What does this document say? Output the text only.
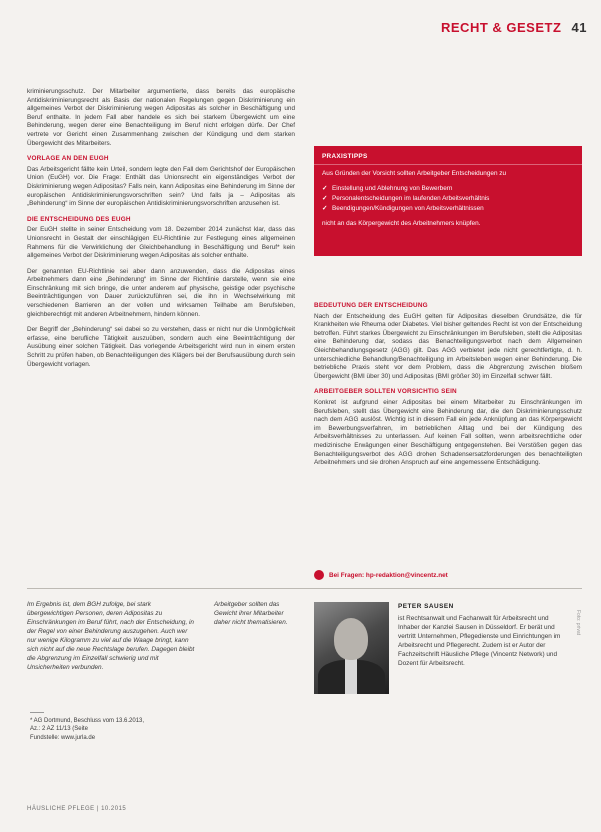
RECHT & GESETZ 41

kriminierungsschutz. Der Mitarbeiter argumentierte, dass bereits das europäische Antidiskriminierungsrecht als Basis der nationalen Regelungen gegen Diskriminierung ein allgemeines Verbot der Diskriminierung wegen Adipositas als solcher in Beschäftigung und Beruf enthalte. In jedem Fall aber handele es sich bei starkem Übergewicht um eine Behinderung, wegen derer eine Benachteiligung im Beruf nicht erfolgen dürfe. Der Chef vertrete vor Gericht einen Zusammenhang zwischen der Kündigung und dem starken Übergewicht des Mitarbeiters.

VORLAGE AN DEN EUGH

Das Arbeitsgericht fällte kein Urteil, sondern legte den Fall dem Gerichtshof der Europäischen Union (EuGH) vor. Die Frage: Enthält das Unionsrecht ein eigenständiges Verbot der Diskriminierung wegen Adipositas? Falls nein, kann Adipositas eine Behinderung im Sinne der europäischen Antidiskriminierungsvorschriften sein? Und falls ja – Adipositas als „Behinderung“ im Sinne der europäischen Antidiskriminierungsvorschriften anzusehen ist.

DIE ENTSCHEIDUNG DES EUGH

Der EuGH stellte in seiner Entscheidung vom 18. Dezember 2014 zunächst klar, dass das Unionsrecht in Gestalt der einschlägigen EU-Richtlinie zur Festlegung eines allgemeinen Rahmens für die Verwirklichung der Gleichbehandlung in Beschäftigung und Beruf* kein allgemeines Verbot der Diskriminierung wegen Adipositas als solcher enthalte.

Der genannten EU-Richtlinie sei aber dann anzuwenden, dass die Adipositas eines Arbeitnehmers dann eine „Behinderung“ im Sinne der Richtlinie darstelle, wenn sie eine Einschränkung mit sich bringe, die unter anderem auf physische, geistige oder psychische Beeinträchtigungen von Dauer zurückzuführen sei, die ihn in Wechselwirkung mit verschiedenen Barrieren an der vollen und wirksamen Teilhabe am Berufsleben, gleichberechtigt mit anderen Arbeitnehmern, hindern können.

Der Begriff der „Behinderung“ sei dabei so zu verstehen, dass er nicht nur die Unmöglichkeit erfasse, eine berufliche Tätigkeit auszuüben, sondern auch eine Beeinträchtigung der Ausübung einer solchen Tätigkeit. Das vorlegende Arbeitsgericht wird nun in einem ersten Schritt zu prüfen haben, ob Benachteiligungen des Klägers bei der Berufsausübung durch sein Übergewicht vorlagen.

PRAXISTIPPS
Aus Gründen der Vorsicht sollten Arbeitgeber Entscheidungen zu
✓ Einstellung und Ablehnung von Bewerbern
✓ Personalentscheidungen im laufenden Arbeitsverhältnis
✓ Beendigungen/Kündigungen von Arbeitsverhältnissen
nicht an das Körpergewicht des Arbeitnehmers knüpfen.
BEDEUTUNG DER ENTSCHEIDUNG

Nach der Entscheidung des EuGH gelten für Adipositas dieselben Grundsätze, die für Krankheiten wie Rheuma oder Diabetes. Viel bisher geltendes Recht ist von der Entscheidung betroffen. Führt starkes Übergewicht zu Einschränkungen im Berufsleben, stellt die Adipositas eine Behinderung dar, sodass das Benachteiligungsverbot nach dem Allgemeinen Gleichbehandlungsgesetz (AGG) gilt. Das AGG verbietet jede nicht gerechtfertigte, d. h. unterschiedliche Behandlung/Benachteiligung im Arbeitsleben wegen einer Behinderung. Die betriebliche Praxis steht vor dem Problem, dass die Abgrenzung zwischen bloßem Übergewicht (BMI über 30) und Adipositas (BMI größer 30) im Einzelfall schwer fällt.

ARBEITGEBER SOLLTEN VORSICHTIG SEIN

Konkret ist aufgrund einer Adipositas bei einem Mitarbeiter zu Einschränkungen im Berufsleben, stellt das Übergewicht eine Behinderung dar, die den Diskriminierungsschutz nach dem AGG auslöst. Wichtig ist in diesem Fall ein jede Anknüpfung an das Körpergewicht im Bewerbungsverfahren, im betrieblichen Alltag und bei der Kündigung des Arbeitsverhältnisses zu unterlassen. Auf keinen Fall sollten, wenn arbeitsrechtliche oder medizinische Erwägungen einer Beschäftigung entgegenstehen. Bei Verstößen gegen das Benachteiligungsverbot des AGG drohen Schadensersatzforderungen des benachteiligten Arbeitnehmers und sie drohen Anspruch auf eine angemessene Entschädigung.

Bei Fragen: hp-redaktion@vincentz.net
Im Ergebnis ist, dem BGH zufolge, bei stark übergewichtigen Personen, deren Adipositas zu Einschränkungen im Beruf führt, nach der Entscheidung, in der Regel von einer Behinderung auszugehen. Auch wer nur wenige Kilogramm zu viel auf die Waage bringt, kann sich nicht auf die neue Rechtslage berufen. Dagegen bleibt die Abgrenzung im Einzelfall schwierig und mit Unsicherheiten verbunden.
Arbeitgeber sollten das Gewicht ihrer Mitarbeiter daher nicht thematisieren.
* AG Dortmund, Beschluss vom 13.6.2013,
Az.: 2 AZ 11/13 (Seite
Fundstelle: www.jurla.de
PETER SAUSEN
ist Rechtsanwalt und Fachanwalt für Arbeitsrecht und Inhaber der Kanzlei Sausen in Düsseldorf. Er berät und vertritt Unternehmen, Pflegedienste und Einrichtungen im Arbeitsrecht und Pflegerecht. Zudem ist er Autor der Fachzeitschrift Häusliche Pflege (Vincentz Network) und Dozent für Arbeitsrecht.
Foto: privat
HÄUSLICHE PFLEGE | 10.2015
